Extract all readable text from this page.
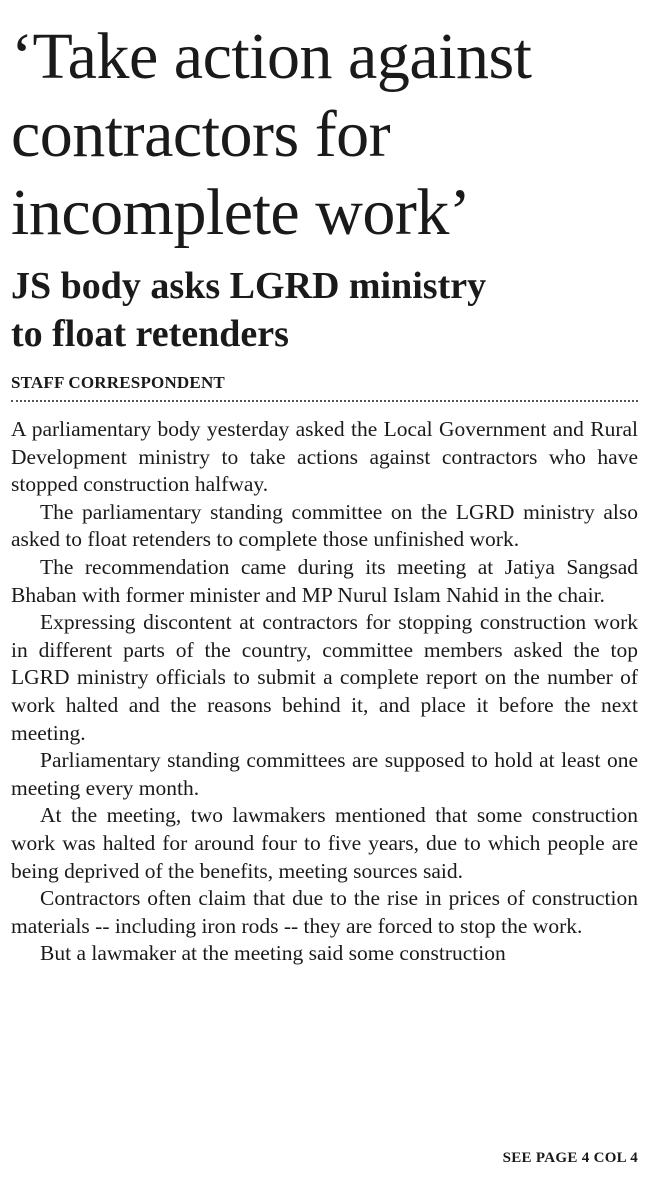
‘Take action against
contractors for
incomplete work’
JS body asks LGRD ministry
to float retenders
STAFF CORRESPONDENT

A parliamentary body yesterday asked the Local Government and Rural Development ministry to take actions against contractors who have stopped construction halfway.

The parliamentary standing committee on the LGRD ministry also asked to float retenders to complete those unfinished work.

The recommendation came during its meeting at Jatiya Sangsad Bhaban with former minister and MP Nurul Islam Nahid in the chair.

Expressing discontent at contractors for stopping construction work in different parts of the country, committee members asked the top LGRD ministry officials to submit a complete report on the number of work halted and the reasons behind it, and place it before the next meeting.

Parliamentary standing committees are supposed to hold at least one meeting every month.

At the meeting, two lawmakers mentioned that some construction work was halted for around four to five years, due to which people are being deprived of the benefits, meeting sources said.

Contractors often claim that due to the rise in prices of construction materials -- including iron rods -- they are forced to stop the work.

But a lawmaker at the meeting said some construction

SEE PAGE 4 COL 4
